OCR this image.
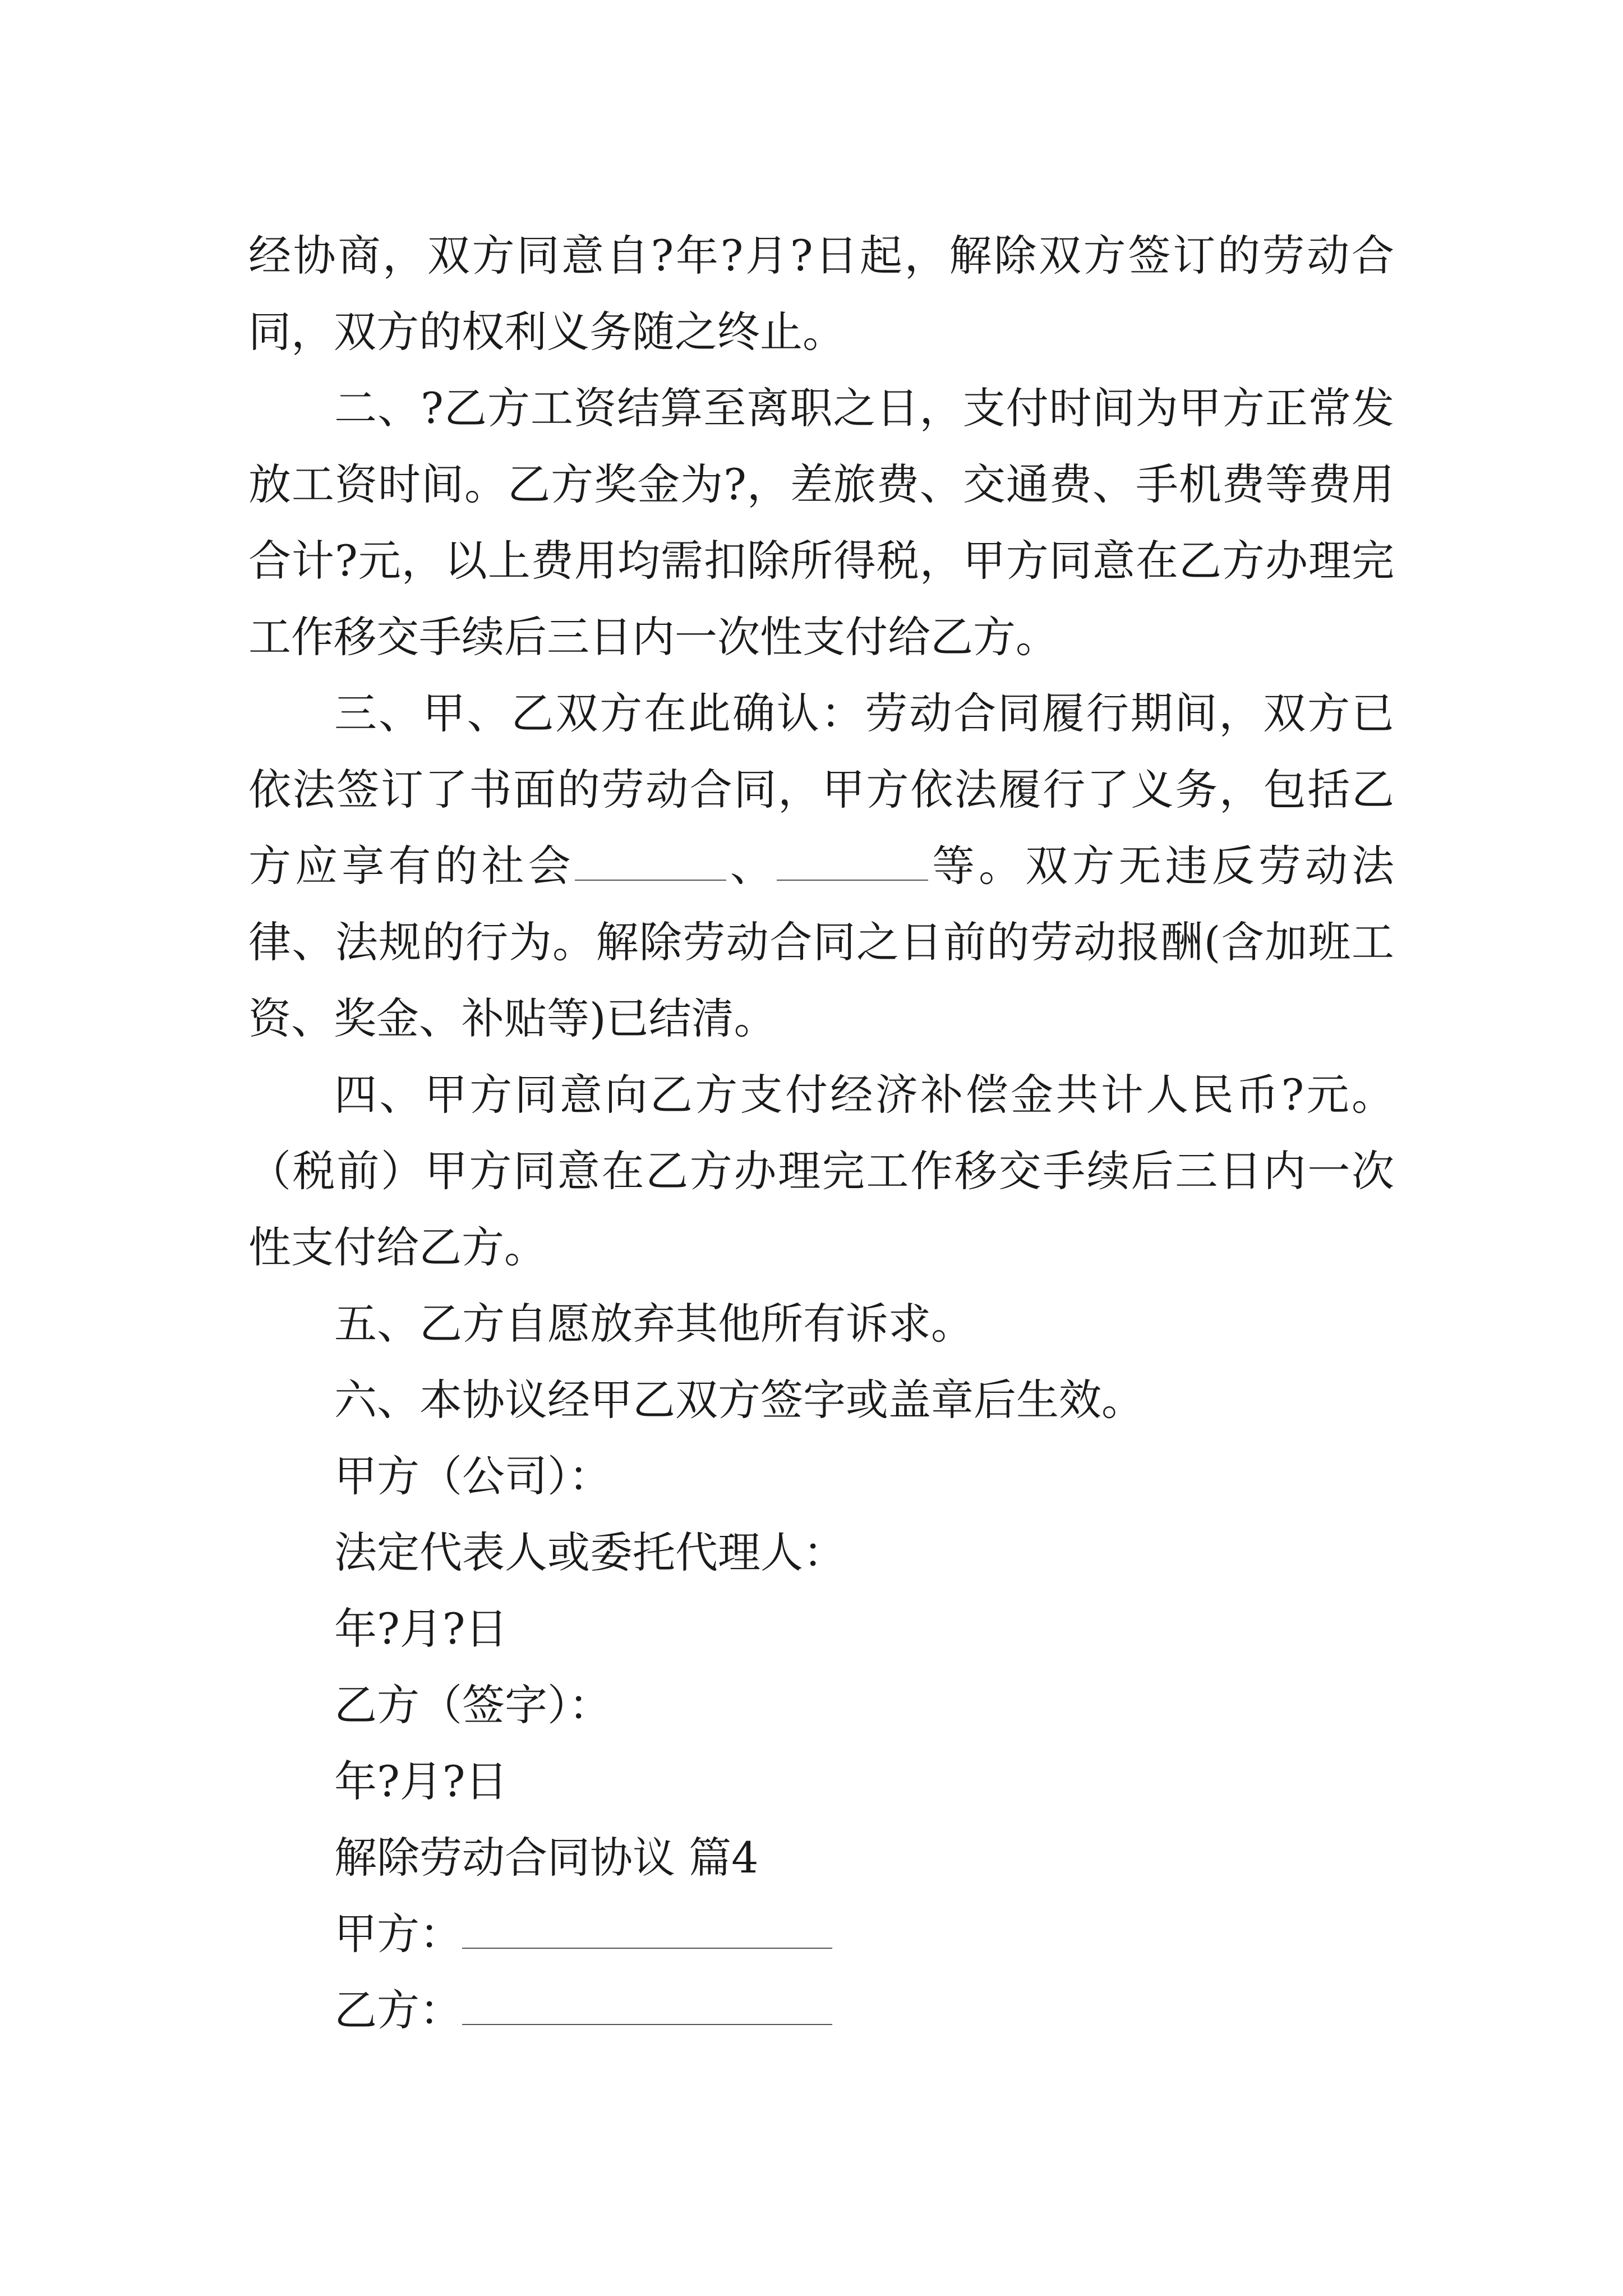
经协商，双方同意自?年?月?日起，解除双方签订的劳动合同，双方的权利义务随之终止。

二、?乙方工资结算至离职之日，支付时间为甲方正常发放工资时间。乙方奖金为?，差旅费、交通费、手机费等费用合计?元，以上费用均需扣除所得税，甲方同意在乙方办理完工作移交手续后三日内一次性支付给乙方。

三、甲、乙双方在此确认：劳动合同履行期间，双方已依法签订了书面的劳动合同，甲方依法履行了义务，包括乙方应享有的社会	、	等。双方无违反劳动法律、法规的行为。解除劳动合同之日前的劳动报酬(含加班工资、奖金、补贴等)已结清。

四、甲方同意向乙方支付经济补偿金共计人民币?元。（税前）甲方同意在乙方办理完工作移交手续后三日内一次性支付给乙方。

五、乙方自愿放弃其他所有诉求。

六、本协议经甲乙双方签字或盖章后生效。

甲方（公司）：

法定代表人或委托代理人：

年?月?日

乙方（签字）：

年?月?日

解除劳动合同协议 篇4

甲方：

乙方：
